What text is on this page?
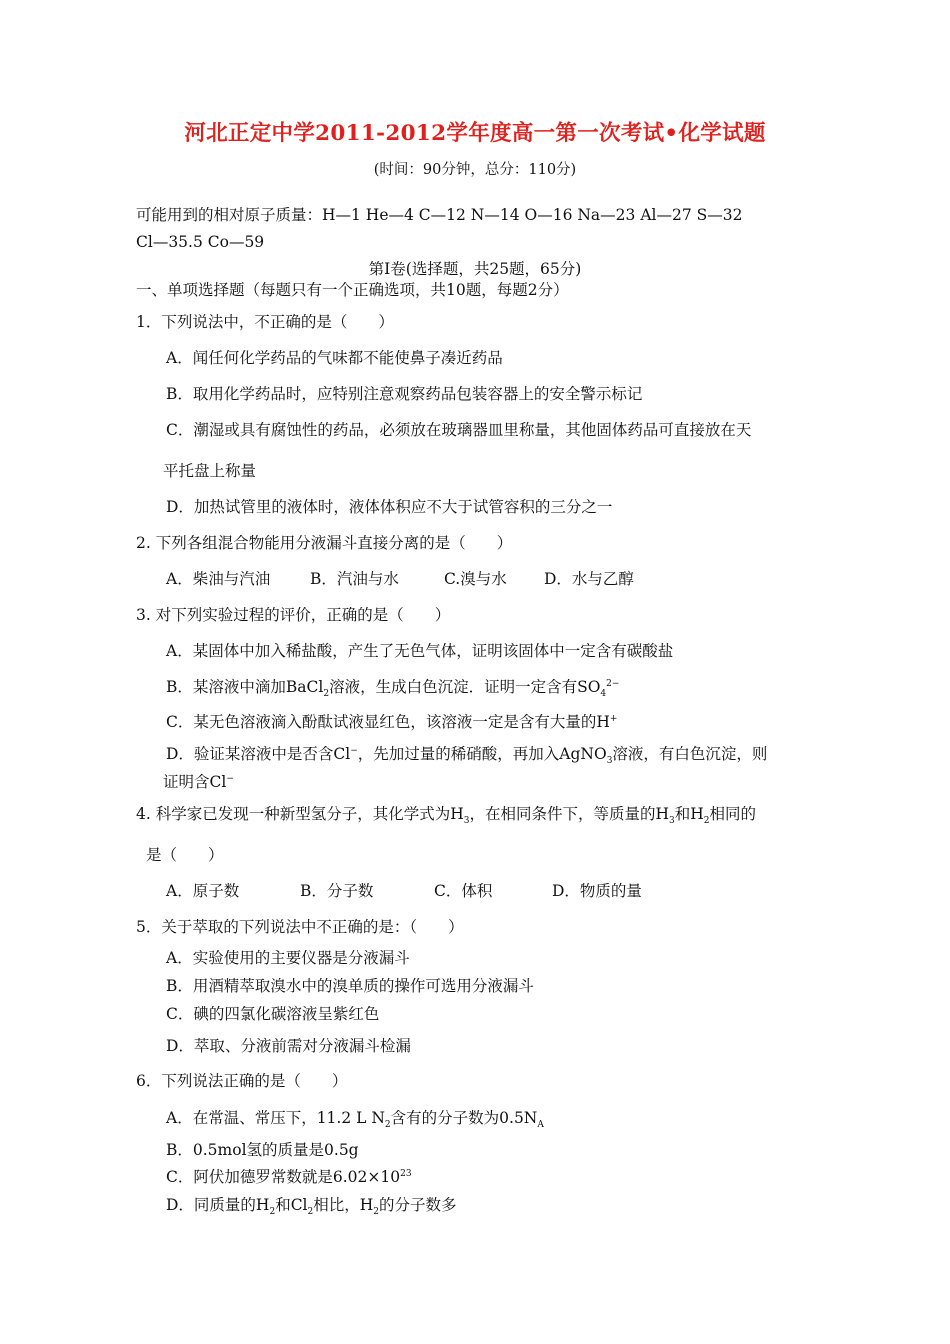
河北正定中学2011-2012学年度高一第一次考试•化学试题
(时间：90分钟，总分：110分)
可能用到的相对原子质量：H—1 He—4 C—12 N—14 O—16 Na—23 Al—27 S—32
Cl—35.5 Co—59
第Ⅰ卷(选择题，共25题，65分)
一、单项选择题（每题只有一个正确选项，共10题，每题2分）
1．下列说法中，不正确的是（　　）
A．闻任何化学药品的气味都不能使鼻子凑近药品
B．取用化学药品时，应特别注意观察药品包装容器上的安全警示标记
C．潮湿或具有腐蚀性的药品，必须放在玻璃器皿里称量，其他固体药品可直接放在天
平托盘上称量
D．加热试管里的液体时，液体体积应不大于试管容积的三分之一
2. 下列各组混合物能用分液漏斗直接分离的是（　　）
A．柴油与汽油	B．汽油与水	C.溴与水 D．水与乙醇
3. 对下列实验过程的评价，正确的是（　　）
A．某固体中加入稀盐酸，产生了无色气体，证明该固体中一定含有碳酸盐
B．某溶液中滴加BaCl$_2$溶液，生成白色沉淀．证明一定含有$SO_4^{2-}$
C．某无色溶液滴入酚酞试液显红色，该溶液一定是含有大量的H+
D．验证某溶液中是否含Cl−，先加过量的稀硝酸，再加入AgNO$_3$溶液，有白色沉淀，则
证明含Cl−
4. 科学家已发现一种新型氢分子，其化学式为$H_3$，在相同条件下，等质量的$H_3$和$H_2$相同的
是（　　）
A．原子数	B．分子数	C．体积	D．物质的量
5．关于萃取的下列说法中不正确的是：（　　）
A．实验使用的主要仪器是分液漏斗
B．用酒精萃取溴水中的溴单质的操作可选用分液漏斗
C．碘的四氯化碳溶液呈紫红色
D．萃取、分液前需对分液漏斗检漏
6．下列说法正确的是（　　）
A．在常温、常压下，11.2 L $N_2$含有的分子数为$0.5N_A$
B．0.5mol氢的质量是0.5g
C．阿伏加德罗常数就是$6.02\times 10^{23}$
D．同质量的$H_2$和$Cl_2$相比，$H_2$的分子数多
